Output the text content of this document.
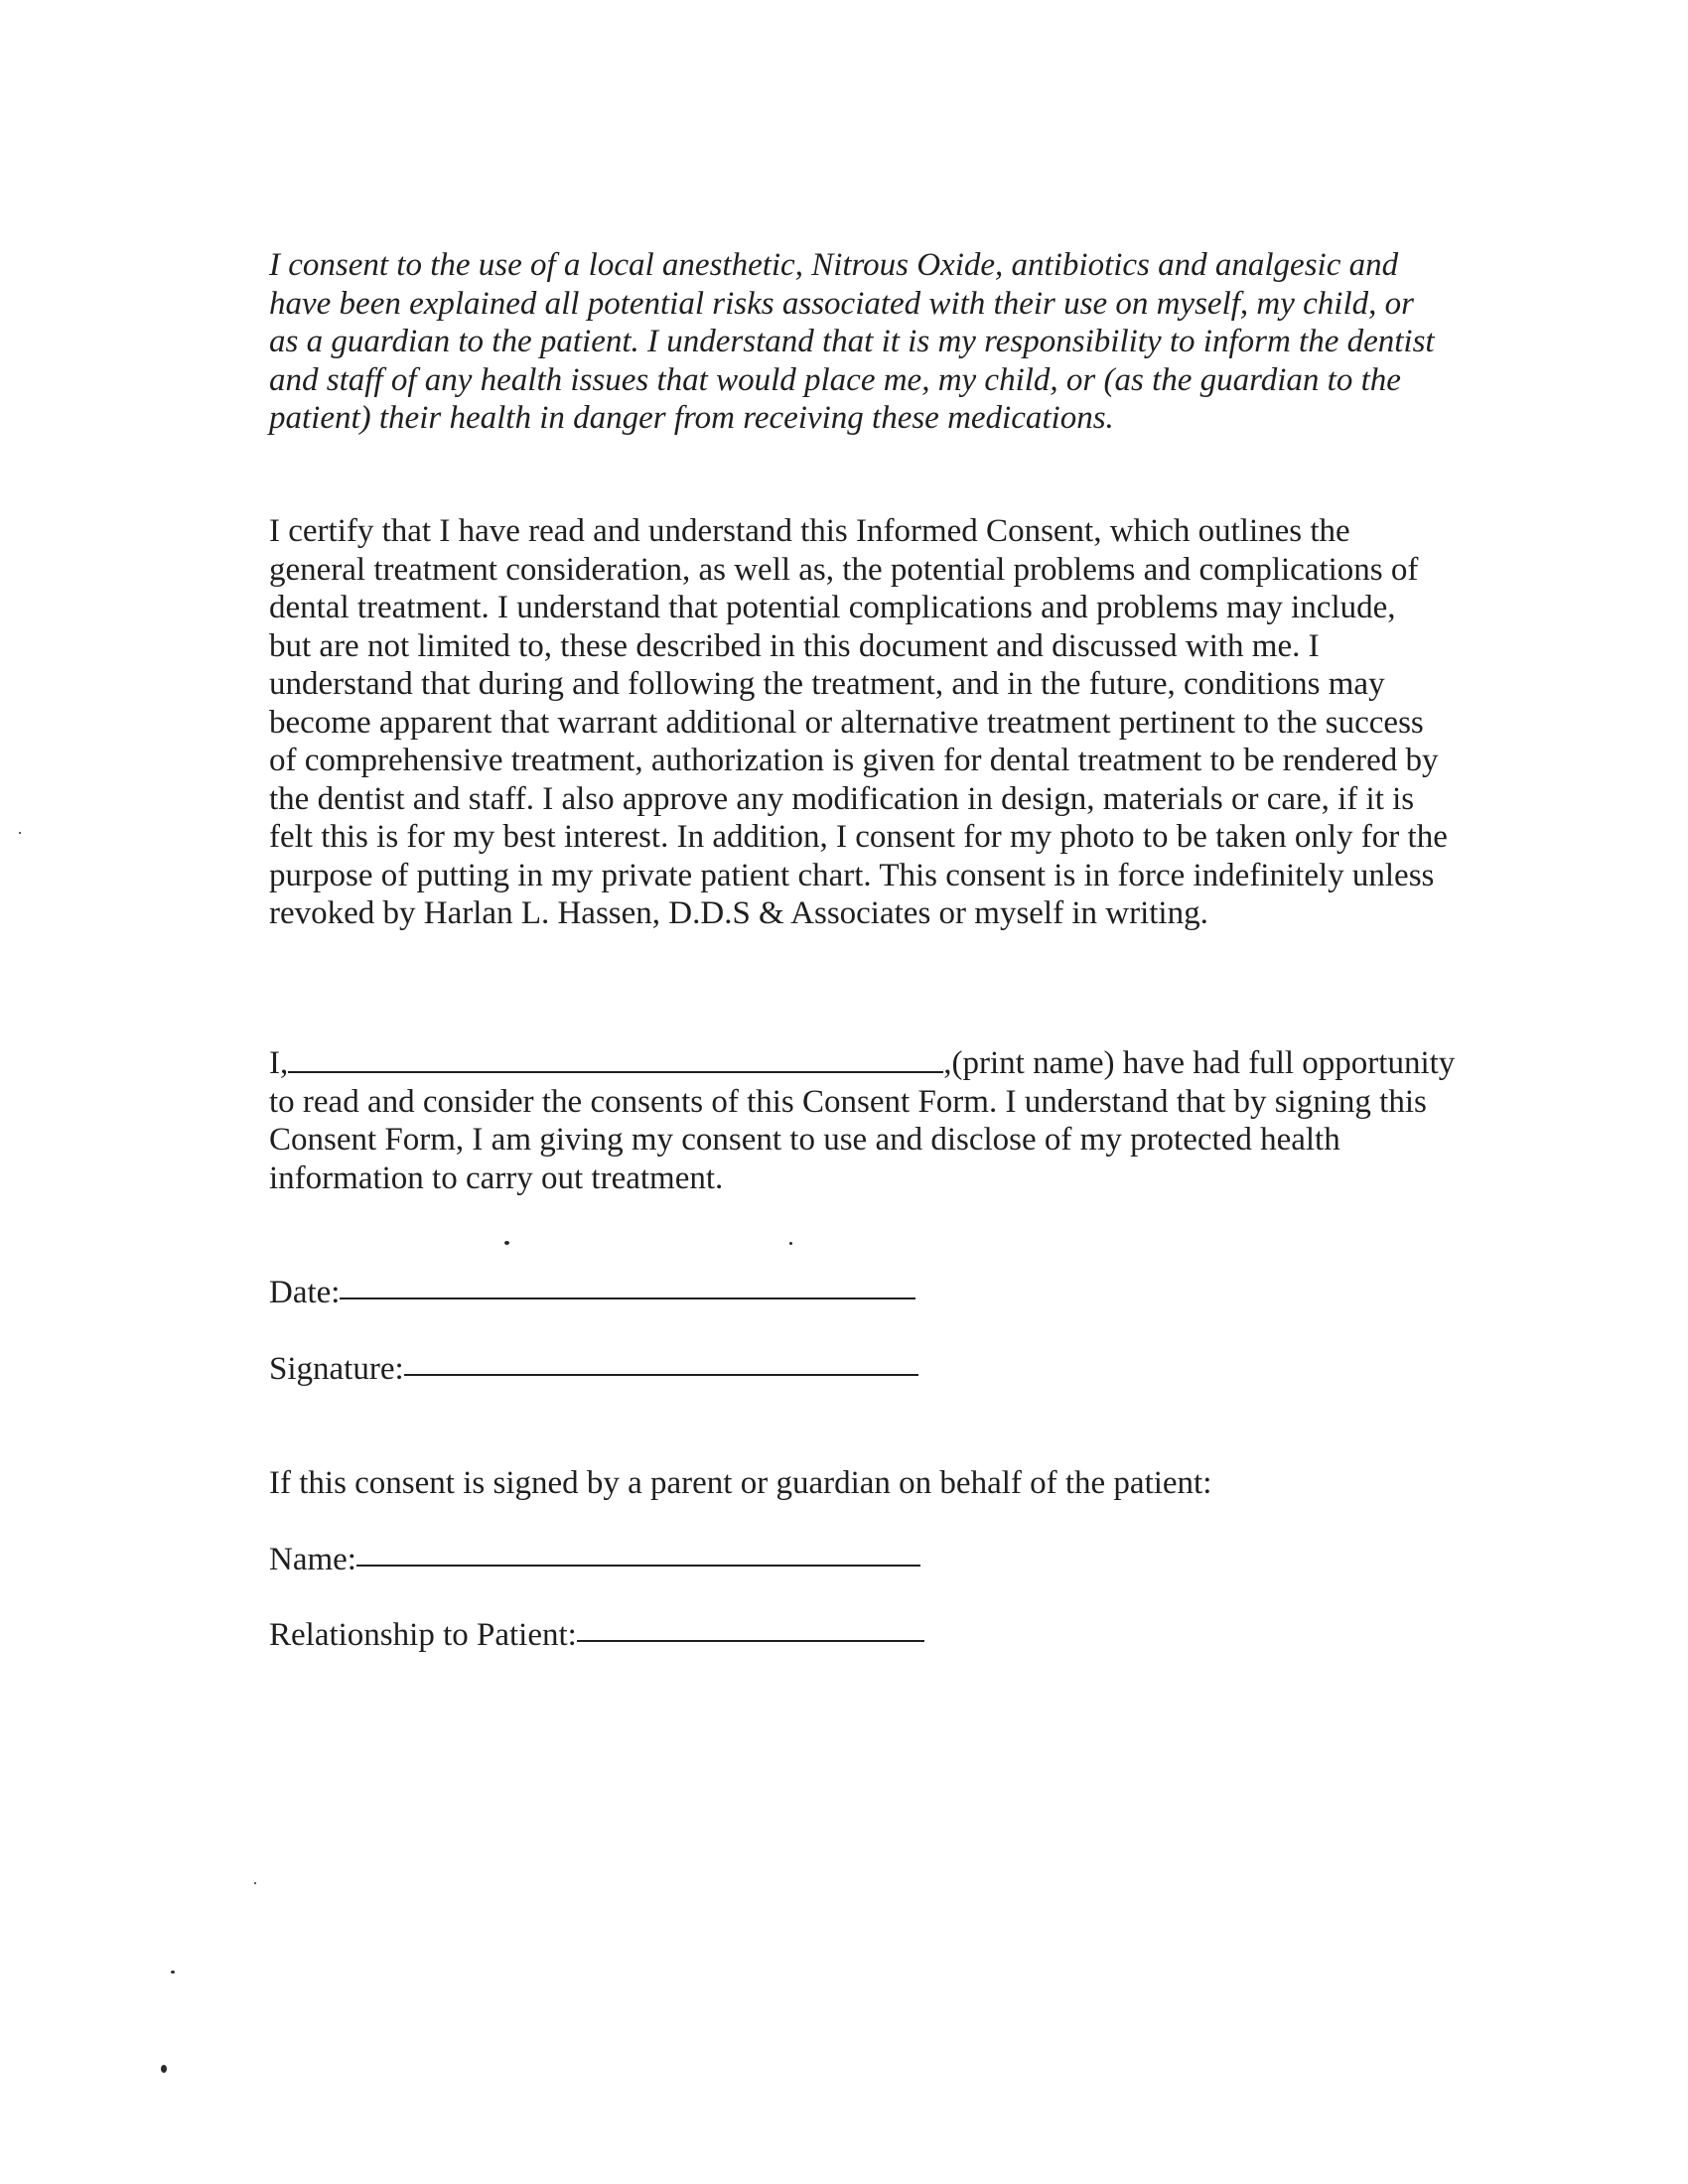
I consent to the use of a local anesthetic, Nitrous Oxide, antibiotics and analgesic and
have been explained all potential risks associated with their use on myself, my child, or
as a guardian to the patient. I understand that it is my responsibility to inform the dentist
and staff of any health issues that would place me, my child, or (as the guardian to the
patient) their health in danger from receiving these medications.

I certify that I have read and understand this Informed Consent, which outlines the
general treatment consideration, as well as, the potential problems and complications of
dental treatment. I understand that potential complications and problems may include,
but are not limited to, these described in this document and discussed with me. I
understand that during and following the treatment, and in the future, conditions may
become apparent that warrant additional or alternative treatment pertinent to the success
of comprehensive treatment, authorization is given for dental treatment to be rendered by
the dentist and staff. I also approve any modification in design, materials or care, if it is
felt this is for my best interest. In addition, I consent for my photo to be taken only for the
purpose of putting in my private patient chart. This consent is in force indefinitely unless
revoked by Harlan L. Hassen, D.D.S & Associates or myself in writing.

I,	,(print name) have had full opportunity
to read and consider the consents of this Consent Form. I understand that by signing this
Consent Form, I am giving my consent to use and disclose of my protected health
information to carry out treatment.

Date:
Signature:
If this consent is signed by a parent or guardian on behalf of the patient:
Name:
Relationship to Patient:
